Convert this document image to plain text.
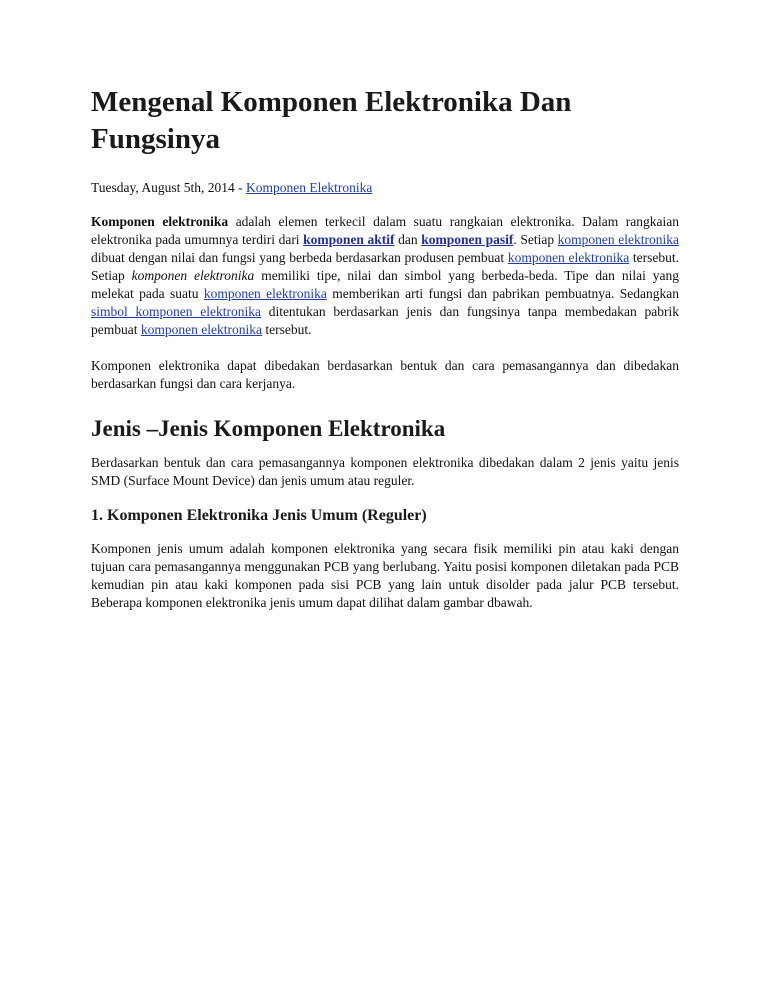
Mengenal Komponen Elektronika Dan Fungsinya
Tuesday, August 5th, 2014 - Komponen Elektronika

Komponen elektronika adalah elemen terkecil dalam suatu rangkaian elektronika. Dalam rangkaian elektronika pada umumnya terdiri dari komponen aktif dan komponen pasif. Setiap komponen elektronika dibuat dengan nilai dan fungsi yang berbeda berdasarkan produsen pembuat komponen elektronika tersebut. Setiap komponen elektronika memiliki tipe, nilai dan simbol yang berbeda-beda. Tipe dan nilai yang melekat pada suatu komponen elektronika memberikan arti fungsi dan pabrikan pembuatnya. Sedangkan simbol komponen elektronika ditentukan berdasarkan jenis dan fungsinya tanpa membedakan pabrik pembuat komponen elektronika tersebut.

Komponen elektronika dapat dibedakan berdasarkan bentuk dan cara pemasangannya dan dibedakan berdasarkan fungsi dan cara kerjanya.

Jenis –Jenis Komponen Elektronika

Berdasarkan bentuk dan cara pemasangannya komponen elektronika dibedakan dalam 2 jenis yaitu jenis SMD (Surface Mount Device) dan jenis umum atau reguler.

1. Komponen Elektronika Jenis Umum (Reguler)

Komponen jenis umum adalah komponen elektronika yang secara fisik memiliki pin atau kaki dengan tujuan cara pemasangannya menggunakan PCB yang berlubang. Yaitu posisi komponen diletakan pada PCB kemudian pin atau kaki komponen pada sisi PCB yang lain untuk disolder pada jalur PCB tersebut. Beberapa komponen elektronika jenis umum dapat dilihat dalam gambar dbawah.
